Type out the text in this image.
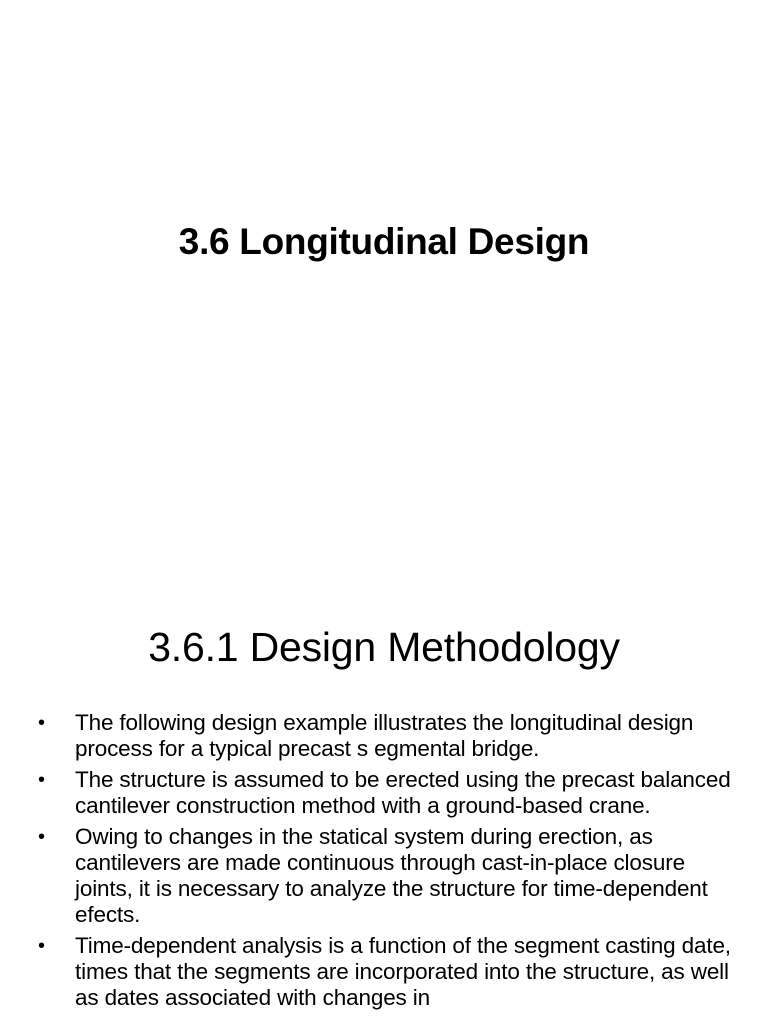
3.6 Longitudinal Design
3.6.1 Design Methodology
• The following design example illustrates the longitudinal design process for a typical precast s egmental bridge.
• The structure is assumed to be erected using the precast balanced cantilever construction method with a ground-based crane.
• Owing to changes in the statical system during erection, as cantilevers are made continuous through cast-in-place closure joints, it is necessary to analyze the structure for time-dependent efects.
• Time-dependent analysis is a function of the segment casting date, times that the segments are incorporated into the structure, as well as dates associated with changes in
